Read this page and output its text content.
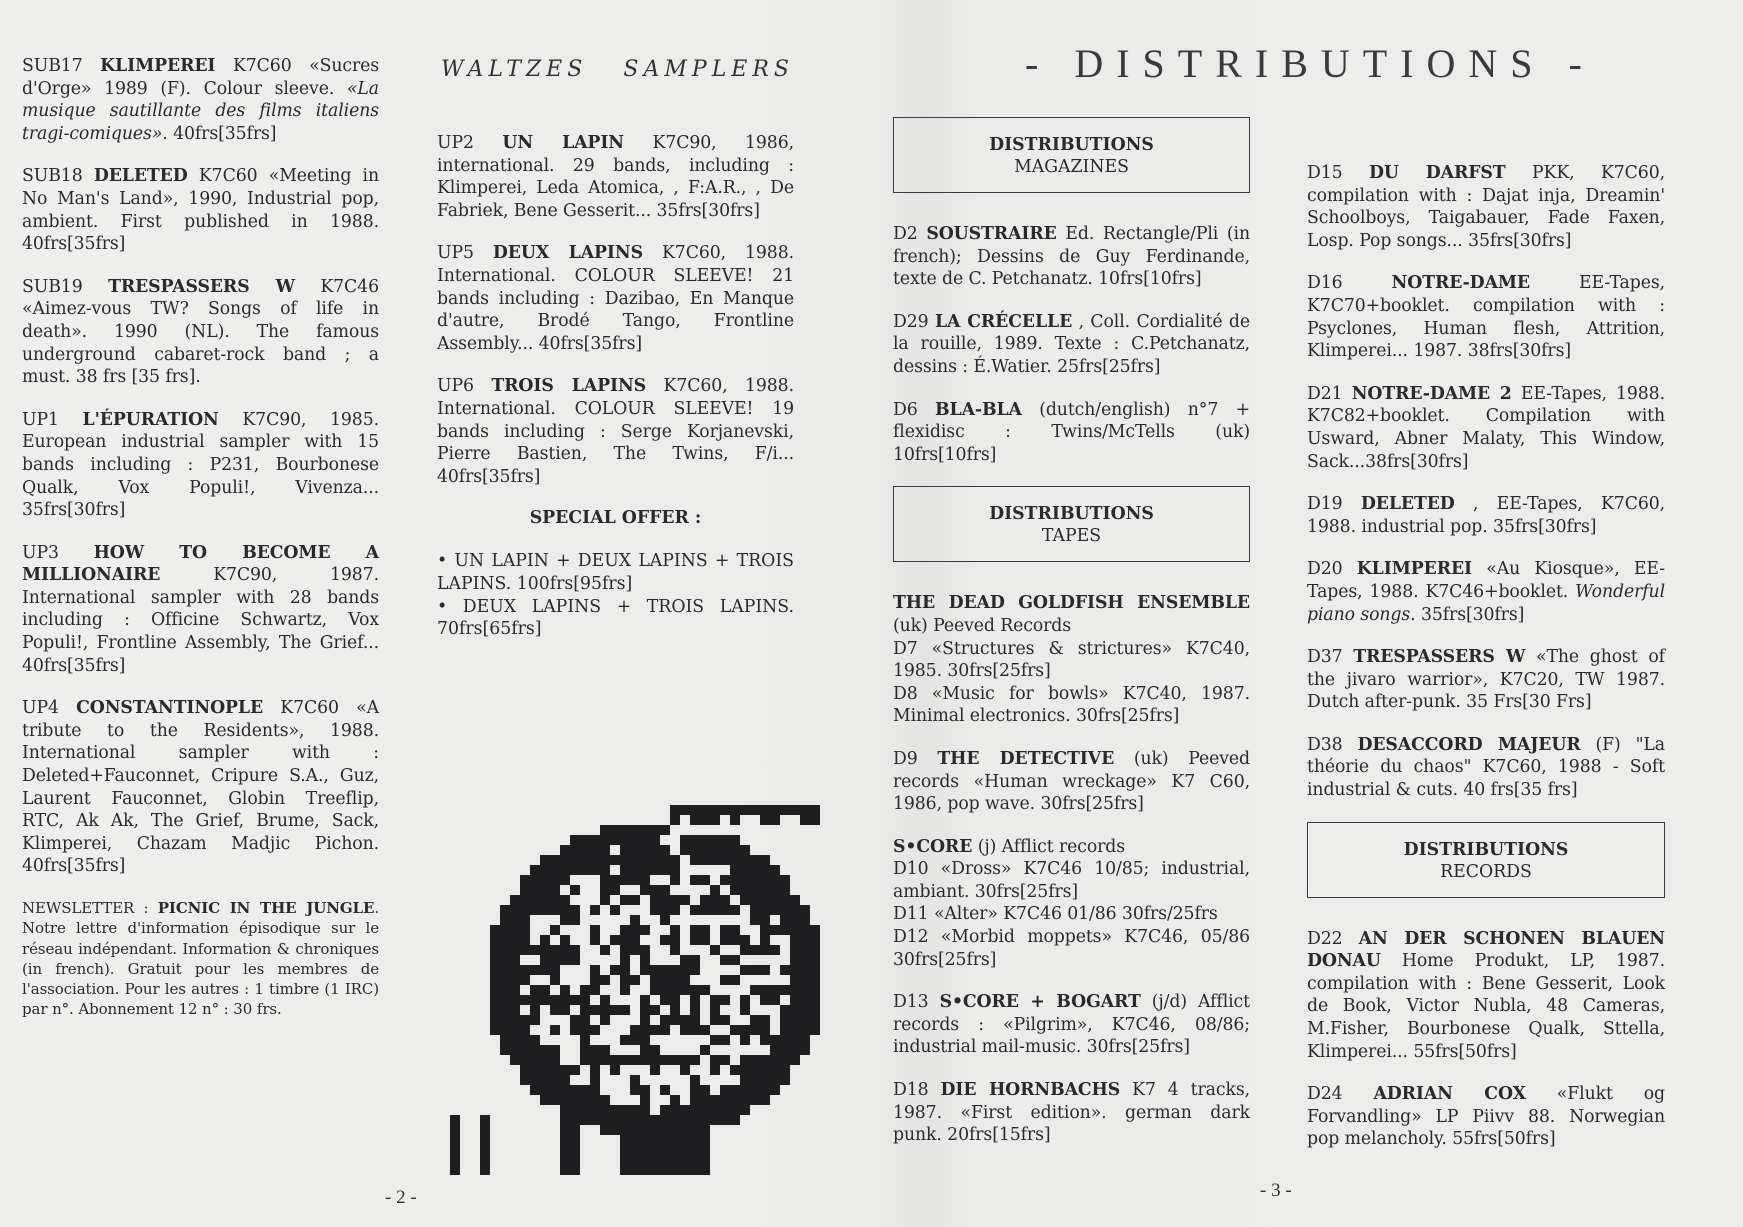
SUB17 KLIMPEREI K7C60 «Sucres d'Orge» 1989 (F). Colour sleeve. «La musique sautillante des films italiens tragi-comiques». 40frs[35frs]

SUB18 DELETED K7C60 «Meeting in No Man's Land», 1990, Industrial pop, ambient. First published in 1988. 40frs[35frs]

SUB19 TRESPASSERS W K7C46 «Aimez-vous TW? Songs of life in death». 1990 (NL). The famous underground cabaret-rock band ; a must. 38 frs [35 frs].

UP1 L'ÉPURATION K7C90, 1985. European industrial sampler with 15 bands including : P231, Bourbonese Qualk, Vox Populi!, Vivenza... 35frs[30frs]

UP3 HOW TO BECOME A MILLIONAIRE	K7C90, 1987. International sampler with 28 bands including : Officine Schwartz, Vox Populi!, Frontline Assembly, The Grief... 40frs[35frs]

UP4 CONSTANTINOPLE K7C60 «A tribute to the Residents», 1988. International sampler with : Deleted+Fauconnet, Cripure S.A., Guz, Laurent Fauconnet, Globin Treeflip, RTC, Ak Ak, The Grief, Brume, Sack, Klimperei, Chazam Madjic Pichon. 40frs[35frs]

NEWSLETTER : PICNIC IN THE JUNGLE. Notre lettre d'information épisodique sur le réseau indépendant. Information & chroniques (in french). Gratuit pour les membres de l'association. Pour les autres : 1 timbre (1 IRC) par n°. Abonnement 12 n° : 30 frs.

WALTZES SAMPLERS

UP2 UN LAPIN K7C90, 1986, international. 29 bands, including : Klimperei, Leda Atomica, , F:A.R., , De Fabriek, Bene Gesserit... 35frs[30frs]

UP5 DEUX LAPINS K7C60, 1988. International. COLOUR SLEEVE! 21 bands including : Dazibao, En Manque d'autre, Brodé Tango, Frontline Assembly... 40frs[35frs]

UP6 TROIS LAPINS K7C60, 1988. International. COLOUR SLEEVE! 19 bands including : Serge Korjanevski, Pierre Bastien, The Twins, F/i... 40frs[35frs]

SPECIAL OFFER :
• UN LAPIN + DEUX LAPINS + TROIS LAPINS. 100frs[95frs]
• DEUX LAPINS + TROIS LAPINS. 70frs[65frs]
- 2 -
- DISTRIBUTIONS -
DISTRIBUTIONS
MAGAZINES

D2 SOUSTRAIRE Ed. Rectangle/Pli (in french); Dessins de Guy Ferdinande, texte de C. Petchanatz. 10frs[10frs]

D29 LA CRÉCELLE , Coll. Cordialité de la rouille, 1989. Texte : C.Petchanatz, dessins : É.Watier. 25frs[25frs]

D6 BLA-BLA (dutch/english) n°7 + flexidisc : Twins/McTells (uk) 10frs[10frs]

DISTRIBUTIONS
TAPES

THE DEAD GOLDFISH ENSEMBLE (uk) Peeved Records
D7 «Structures & strictures» K7C40, 1985. 30frs[25frs]
D8 «Music for bowls» K7C40, 1987. Minimal electronics. 30frs[25frs]

D9 THE DETECTIVE (uk) Peeved records «Human wreckage» K7 C60, 1986, pop wave. 30frs[25frs]

S•CORE (j) Afflict records
D10 «Dross» K7C46 10/85; industrial, ambiant. 30frs[25frs]
D11 «Alter» K7C46 01/86 30frs/25frs
D12 «Morbid moppets» K7C46, 05/86 30frs[25frs]

D13 S•CORE + BOGART (j/d) Afflict records : «Pilgrim», K7C46, 08/86; industrial mail-music. 30frs[25frs]

D18 DIE HORNBACHS K7 4 tracks, 1987. «First edition». german dark punk. 20frs[15frs]

D15 DU DARFST PKK, K7C60, compilation with : Dajat inja, Dreamin' Schoolboys, Taigabauer, Fade Faxen, Losp. Pop songs... 35frs[30frs]

D16	NOTRE-DAME	EE-Tapes, K7C70+booklet. compilation with : Psyclones, Human flesh, Attrition, Klimperei... 1987. 38frs[30frs]

D21 NOTRE-DAME 2 EE-Tapes, 1988. K7C82+booklet. Compilation with Usward, Abner Malaty, This Window, Sack...38frs[30frs]

D19 DELETED , EE-Tapes, K7C60, 1988. industrial pop. 35frs[30frs]

D20 KLIMPEREI «Au Kiosque», EE-Tapes, 1988. K7C46+booklet. Wonderful piano songs. 35frs[30frs]

D37 TRESPASSERS W «The ghost of the jivaro warrior», K7C20, TW 1987. Dutch after-punk. 35 Frs[30 Frs]

D38 DESACCORD MAJEUR (F) "La théorie du chaos" K7C60, 1988 - Soft industrial & cuts. 40 frs[35 frs]

DISTRIBUTIONS
RECORDS

D22 AN DER SCHONEN BLAUEN DONAU Home Produkt, LP, 1987. compilation with : Bene Gesserit, Look de Book, Victor Nubla, 48 Cameras, M.Fisher, Bourbonese Qualk, Sttella, Klimperei... 55frs[50frs]

D24 ADRIAN COX «Flukt og Forvandling» LP Piivv 88. Norwegian pop melancholy. 55frs[50frs]

- 3 -
